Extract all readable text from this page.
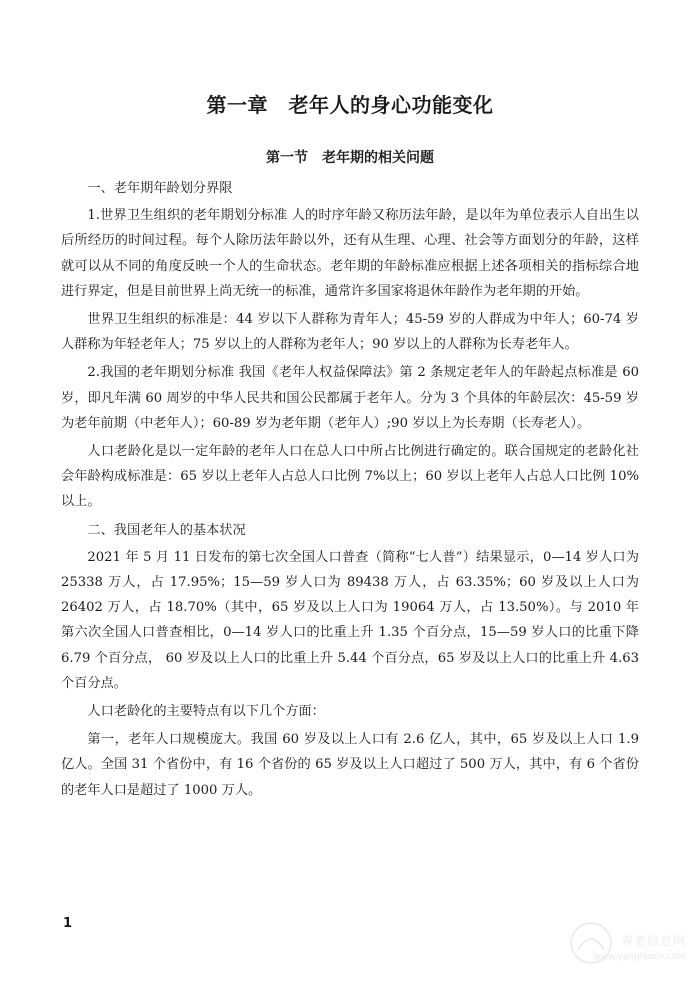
第一章　老年人的身心功能变化
第一节　老年期的相关问题

一、老年期年龄划分界限

1.世界卫生组织的老年期划分标准 人的时序年龄又称历法年龄，是以年为单位表示人自出生以后所经历的时间过程。每个人除历法年龄以外，还有从生理、心理、社会等方面划分的年龄，这样就可以从不同的角度反映一个人的生命状态。老年期的年龄标准应根据上述各项相关的指标综合地进行界定，但是目前世界上尚无统一的标准，通常许多国家将退休年龄作为老年期的开始。

世界卫生组织的标准是：44 岁以下人群称为青年人；45-59 岁的人群成为中年人；60-74 岁人群称为年轻老年人；75 岁以上的人群称为老年人；90 岁以上的人群称为长寿老年人。

2.我国的老年期划分标准 我国《老年人权益保障法》第 2 条规定老年人的年龄起点标准是 60 岁，即凡年满 60 周岁的中华人民共和国公民都属于老年人。分为 3 个具体的年龄层次：45-59 岁为老年前期（中老年人）；60-89 岁为老年期（老年人）;90 岁以上为长寿期（长寿老人）。

人口老龄化是以一定年龄的老年人口在总人口中所占比例进行确定的。联合国规定的老龄化社会年龄构成标准是：65 岁以上老年人占总人口比例 7%以上；60 岁以上老年人占总人口比例 10%以上。

二、我国老年人的基本状况

2021 年 5 月 11 日发布的第七次全国人口普查（简称“七人普”）结果显示，0—14 岁人口为 25338 万人，占 17.95%；15—59 岁人口为 89438 万人，占 63.35%；60 岁及以上人口为 26402 万人，占 18.70%（其中，65 岁及以上人口为 19064 万人，占 13.50%）。与 2010 年第六次全国人口普查相比，0—14 岁人口的比重上升 1.35 个百分点，15—59 岁人口的比重下降 6.79 个百分点， 60 岁及以上人口的比重上升 5.44 个百分点，65 岁及以上人口的比重上升 4.63 个百分点。

人口老龄化的主要特点有以下几个方面：

第一，老年人口规模庞大。我国 60 岁及以上人口有 2.6 亿人，其中，65 岁及以上人口 1.9 亿人。全国 31 个省份中，有 16 个省份的 65 岁及以上人口超过了 500 万人，其中，有 6 个省份的老年人口是超过了 1000 万人。

1
养老信息网
www.yanglaocn.com
